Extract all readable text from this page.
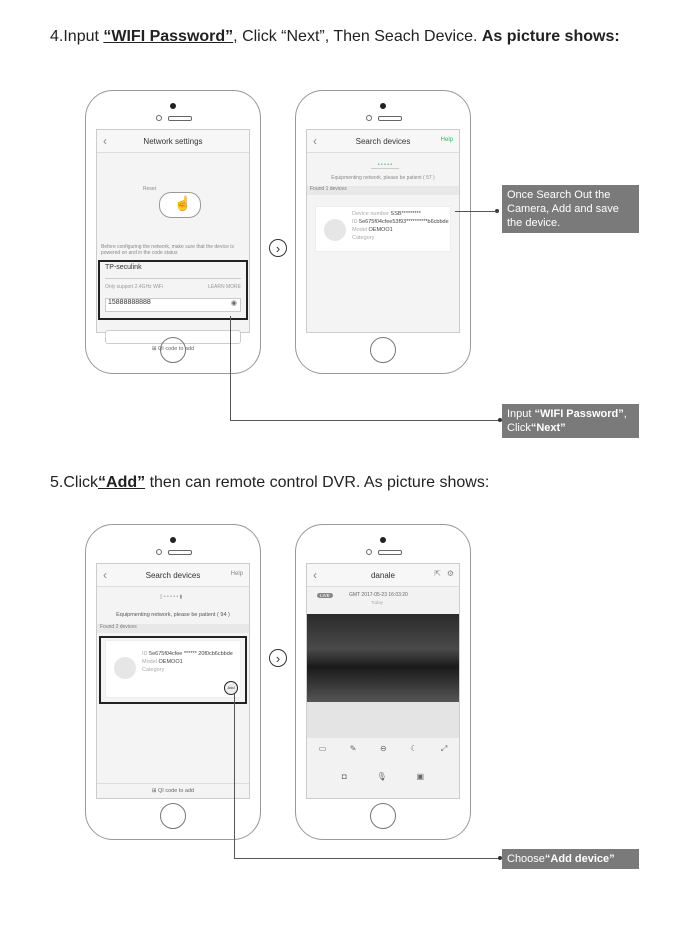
4.Input “WIFI Password”, Click “Next”, Then Seach Device. As picture shows:
‹	Network settings
Reset
☝
Before configuring the network, make sure that the device is powered on and in the code status
TP-seculink
Only support 2.4GHz WiFi	LEARN MORE
15888888888	◉
⊞ QI code to add
›
‹	Search devices	Help
• • • • •
Equipmenting network, please be patient ( 57 )
Found 1 devices
Device number SSB*********
ID 5e675f04cfee53f93**********b6cbbde
Model OEMOO1
Category
Once Search Out the Camera, Add and save the device.
Input “WIFI Password”,
Click“Next”
5.Click“Add” then can remote control DVR. As picture shows:
‹	Search devices	Help
▯ • • • • • ▮
Equipmenting network, please be patient ( 94 )
Found 2 devices
ID 5e675f04cfee ****** 20f0cb6cbbde
Model OEMOO1
Category
Add
⊞ QI code to add
›
‹	danale	⇱ ⚙
LIVE	GMT 2017-05-23 16:03:20
Today
▭	✎	⊖	☾	⤢
◘	🎙	▣
Choose“Add device”
